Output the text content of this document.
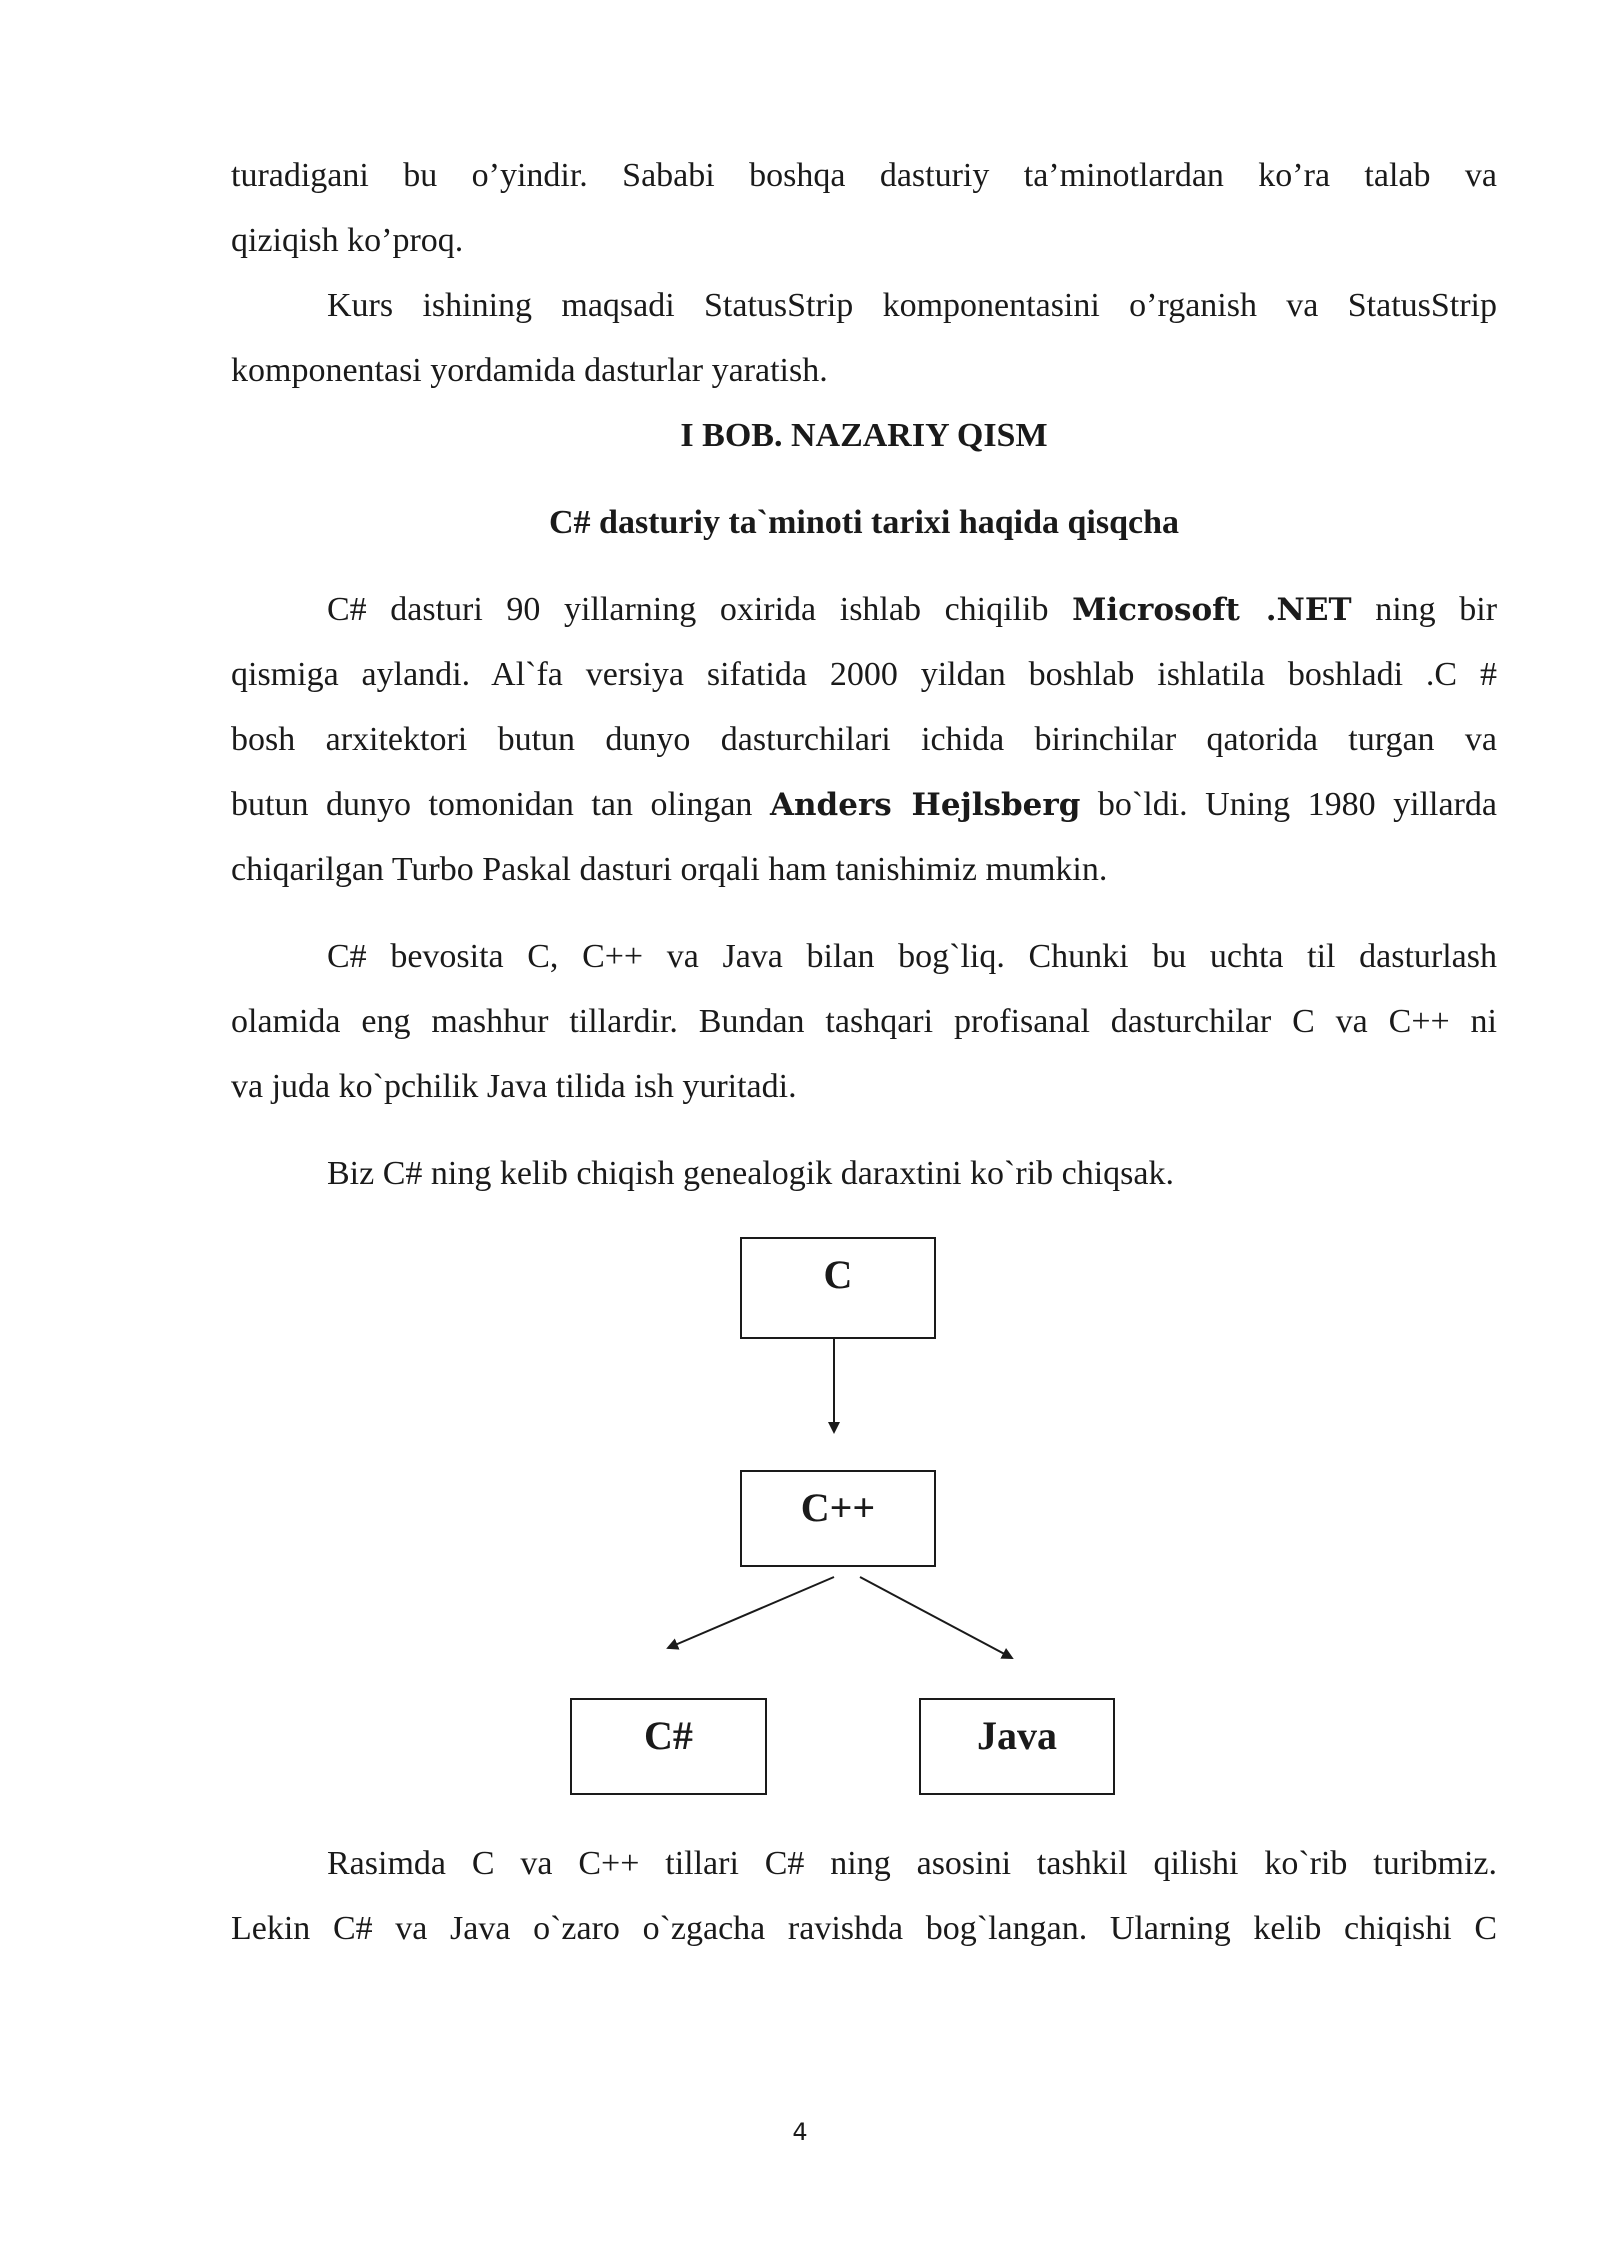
turadigani bu o’yindir. Sababi boshqa dasturiy ta’minotlardan ko’ra talab va
qiziqish ko’proq.
Kurs ishining maqsadi StatusStrip komponentasini o’rganish va StatusStrip
komponentasi yordamida dasturlar yaratish.
I BOB. NAZARIY QISM
C# dasturiy ta`minoti tarixi haqida qisqcha
C# dasturi 90 yillarning oxirida ishlab chiqilib Microsoft .NET ning bir
qismiga aylandi. Al`fa versiya sifatida 2000 yildan boshlab ishlatila boshladi .C #
bosh arxitektori butun dunyo dasturchilari ichida birinchilar qatorida turgan va
butun dunyo tomonidan tan olingan Anders Hejlsberg bo`ldi. Uning 1980 yillarda
chiqarilgan Turbo Paskal dasturi orqali ham tanishimiz mumkin.
C# bevosita C, C++ va Java bilan bog`liq. Chunki bu uchta til dasturlash
olamida eng mashhur tillardir. Bundan tashqari profisanal dasturchilar C va C++ ni
va juda ko`pchilik Java tilida ish yuritadi.
Biz C# ning kelib chiqish genealogik daraxtini ko`rib chiqsak.
C
C++
C#	Java
Rasimda C va C++ tillari C# ning asosini tashkil qilishi ko`rib turibmiz.
Lekin C# va Java o`zaro o`zgacha ravishda bog`langan. Ularning kelib chiqishi C
4
